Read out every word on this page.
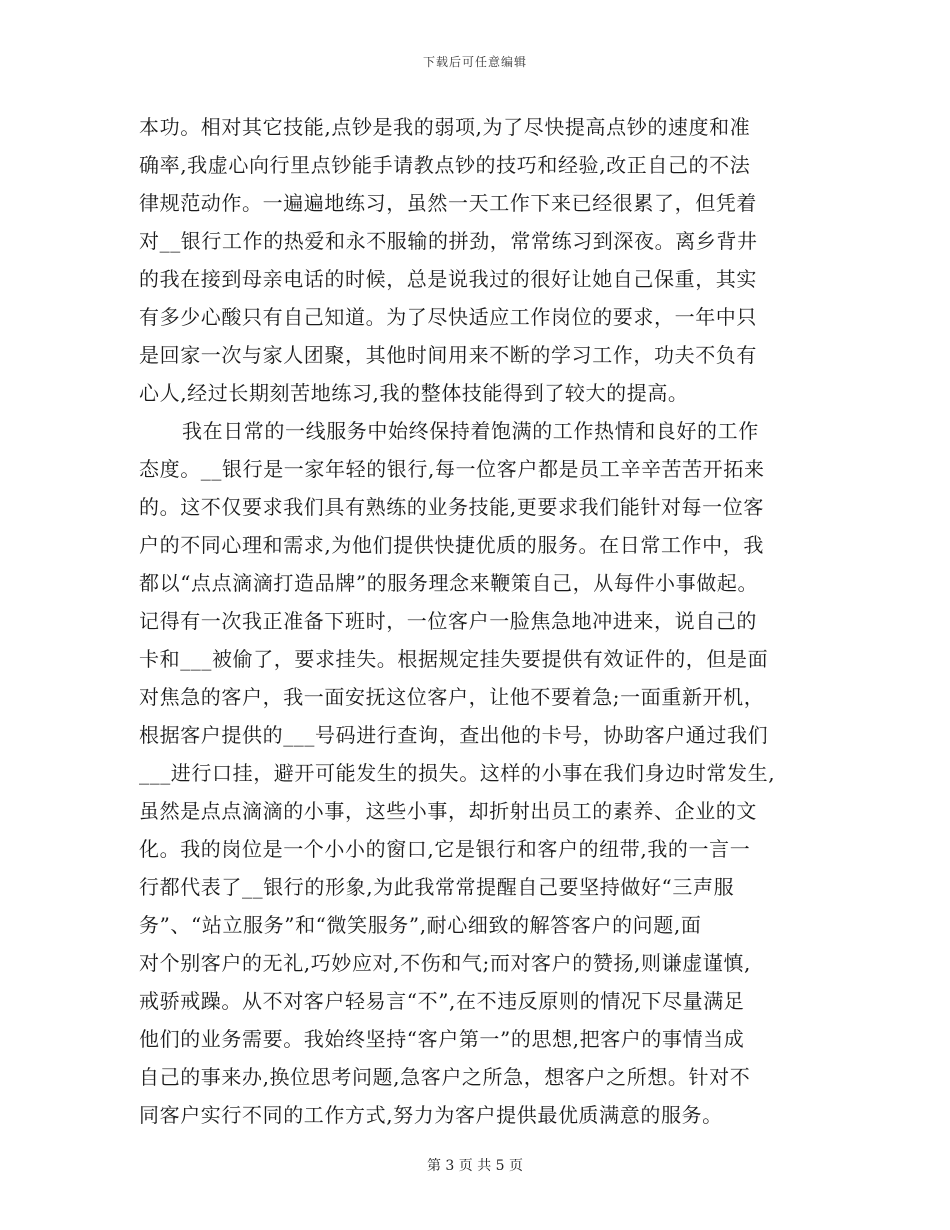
下载后可任意编辑
本功。相对其它技能,点钞是我的弱项,为了尽快提高点钞的速度和准
确率,我虚心向行里点钞能手请教点钞的技巧和经验,改正自己的不法
律规范动作。一遍遍地练习，虽然一天工作下来已经很累了，但凭着
对__银行工作的热爱和永不服输的拼劲，常常练习到深夜。离乡背井
的我在接到母亲电话的时候，总是说我过的很好让她自己保重，其实
有多少心酸只有自己知道。为了尽快适应工作岗位的要求，一年中只
是回家一次与家人团聚，其他时间用来不断的学习工作，功夫不负有
心人,经过长期刻苦地练习,我的整体技能得到了较大的提高。
我在日常的一线服务中始终保持着饱满的工作热情和良好的工作
态度。__银行是一家年轻的银行,每一位客户都是员工辛辛苦苦开拓来
的。这不仅要求我们具有熟练的业务技能,更要求我们能针对每一位客
户的不同心理和需求,为他们提供快捷优质的服务。在日常工作中，我
都以“点点滴滴打造品牌”的服务理念来鞭策自己，从每件小事做起。
记得有一次我正准备下班时，一位客户一脸焦急地冲进来，说自己的
卡和___被偷了，要求挂失。根据规定挂失要提供有效证件的，但是面
对焦急的客户，我一面安抚这位客户，让他不要着急;一面重新开机，
根据客户提供的___号码进行查询，查出他的卡号，协助客户通过我们
___进行口挂，避开可能发生的损失。这样的小事在我们身边时常发生,
虽然是点点滴滴的小事，这些小事，却折射出员工的素养、企业的文
化。我的岗位是一个小小的窗口,它是银行和客户的纽带,我的一言一
行都代表了__银行的形象,为此我常常提醒自己要坚持做好“三声服
务”、“站立服务”和“微笑服务”,耐心细致的解答客户的问题,面
对个别客户的无礼,巧妙应对,不伤和气;而对客户的赞扬,则谦虚谨慎,
戒骄戒躁。从不对客户轻易言“不”,在不违反原则的情况下尽量满足
他们的业务需要。我始终坚持“客户第一”的思想,把客户的事情当成
自己的事来办,换位思考问题,急客户之所急，想客户之所想。针对不
同客户实行不同的工作方式,努力为客户提供最优质满意的服务。
第 3 页 共 5 页
